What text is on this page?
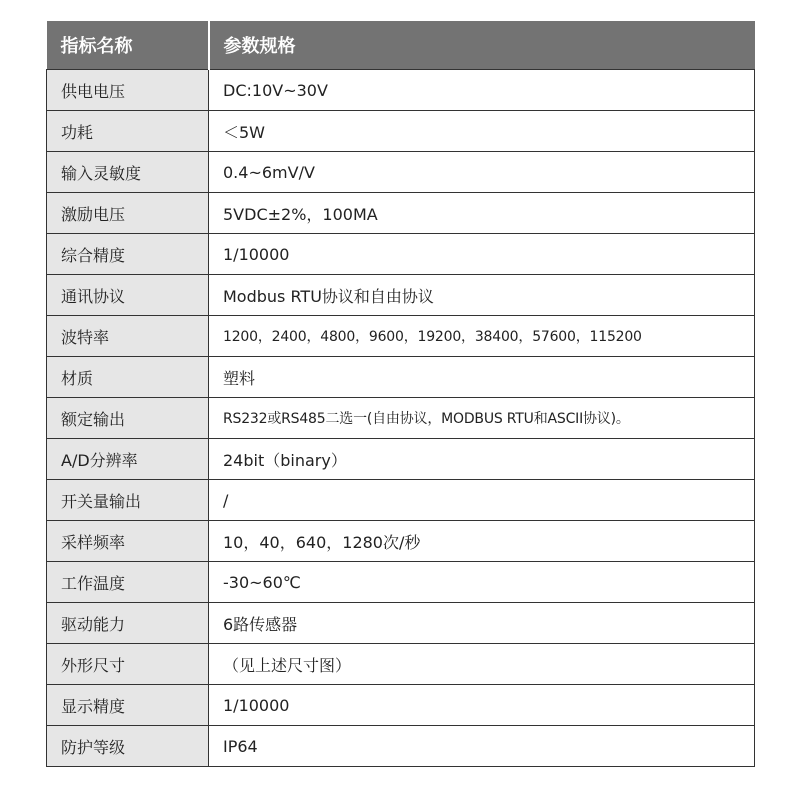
指标名称	参数规格
供电电压	DC:10V~30V
功耗	＜5W
输入灵敏度	0.4~6mV/V
激励电压	5VDC±2%，100MA
综合精度	1/10000
通讯协议	Modbus RTU协议和自由协议
波特率	1200，2400，4800，9600，19200，38400，57600，115200
材质	塑料
额定输出	RS232或RS485二选一(自由协议，MODBUS RTU和ASCII协议)。
A/D分辨率	24bit（binary）
开关量输出	/
采样频率	10，40，640，1280次/秒
工作温度	-30~60℃
驱动能力	6路传感器
外形尺寸	（见上述尺寸图）
显示精度	1/10000
防护等级	IP64
